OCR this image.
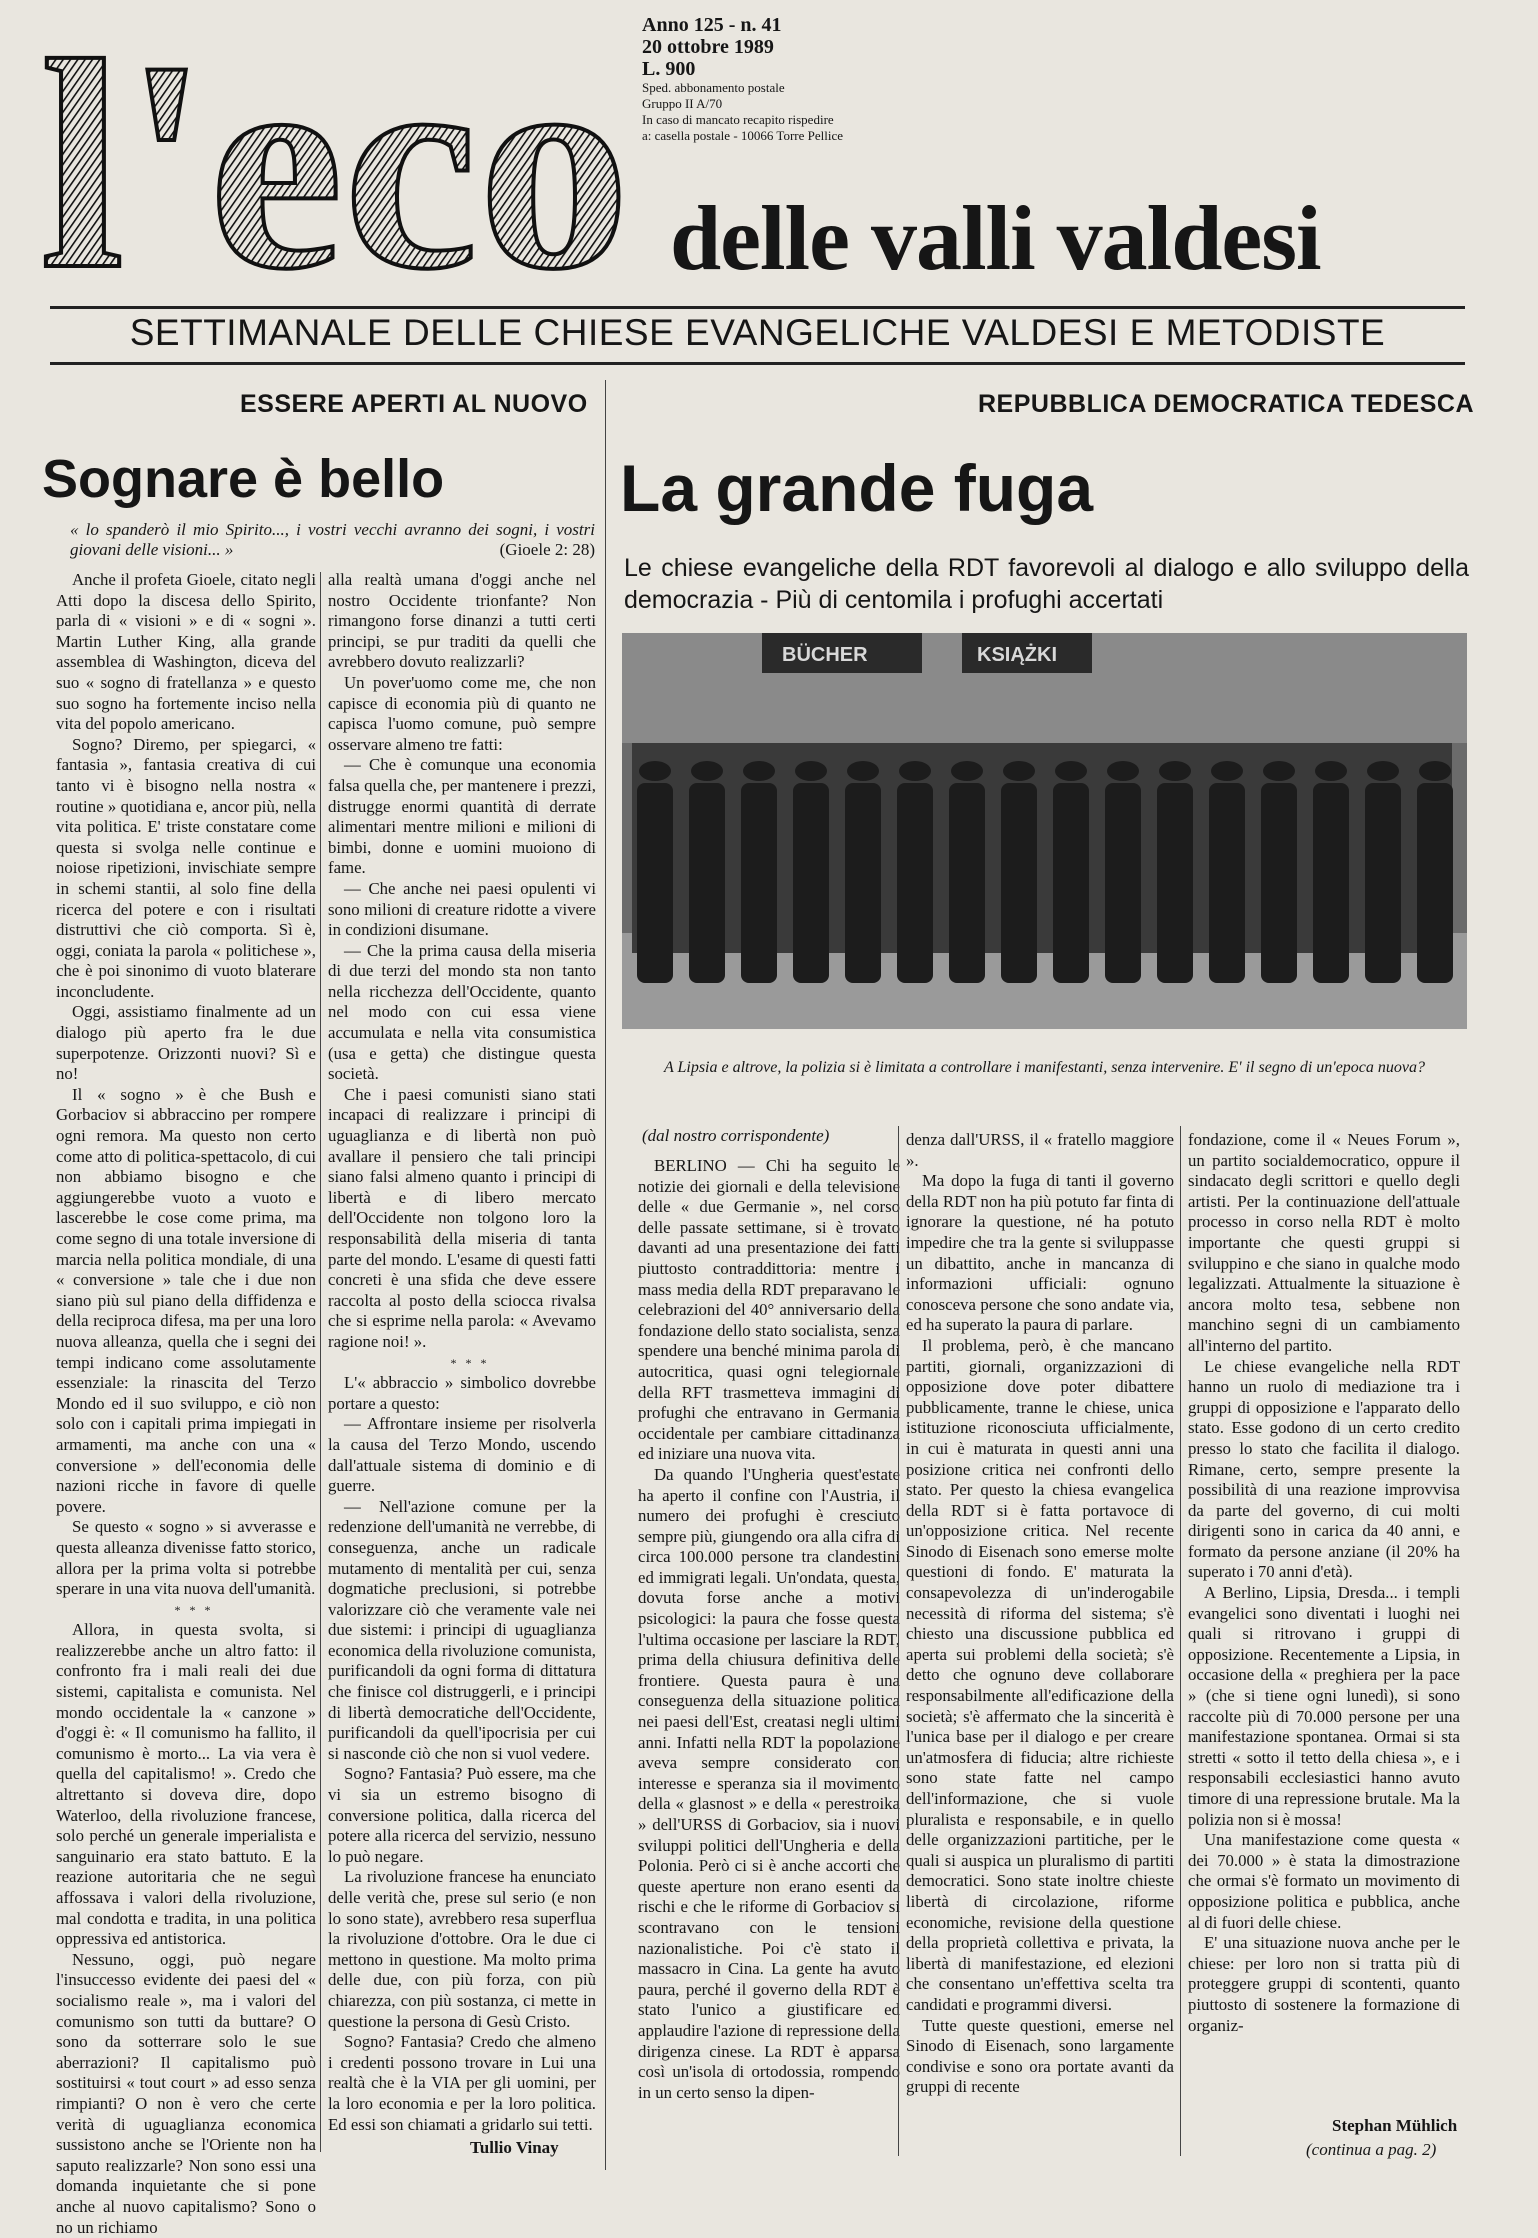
l'eco Anno 125 - n. 41
20 ottobre 1989
L. 900
Sped. abbonamento postale
Gruppo II A/70
In caso di mancato recapito rispedire
a: casella postale - 10066 Torre Pellice
delle valli valdesi
SETTIMANALE DELLE CHIESE EVANGELICHE VALDESI E METODISTE
ESSERE APERTI AL NUOVO
Sognare è bello
« lo spanderò il mio Spirito..., i vostri vecchi avranno dei sogni, i vostri giovani delle visioni... »	(Gioele 2: 28)

Anche il profeta Gioele, citato negli Atti dopo la discesa dello Spirito, parla di « visioni » e di « sogni ». Martin Luther King, alla grande assemblea di Washington, diceva del suo « sogno di fratellanza » e questo suo sogno ha fortemente inciso nella vita del popolo americano.

Sogno? Diremo, per spiegarci, « fantasia », fantasia creativa di cui tanto vi è bisogno nella nostra « routine » quotidiana e, ancor più, nella vita politica. E' triste constatare come questa si svolga nelle continue e noiose ripetizioni, invischiate sempre in schemi stantii, al solo fine della ricerca del potere e con i risultati distruttivi che ciò comporta. Sì è, oggi, coniata la parola « politichese », che è poi sinonimo di vuoto blaterare inconcludente.

Oggi, assistiamo finalmente ad un dialogo più aperto fra le due superpotenze. Orizzonti nuovi? Sì e no!

Il « sogno » è che Bush e Gorbaciov si abbraccino per rompere ogni remora. Ma questo non certo come atto di politica-spettacolo, di cui non abbiamo bisogno e che aggiungerebbe vuoto a vuoto e lascerebbe le cose come prima, ma come segno di una totale inversione di marcia nella politica mondiale, di una « conversione » tale che i due non siano più sul piano della diffidenza e della reciproca difesa, ma per una loro nuova alleanza, quella che i segni dei tempi indicano come assolutamente essenziale: la rinascita del Terzo Mondo ed il suo sviluppo, e ciò non solo con i capitali prima impiegati in armamenti, ma anche con una « conversione » dell'economia delle nazioni ricche in favore di quelle povere.

Se questo « sogno » si avverasse e questa alleanza divenisse fatto storico, allora per la prima volta si potrebbe sperare in una vita nuova dell'umanità.

* * *

Allora, in questa svolta, si realizzerebbe anche un altro fatto: il confronto fra i mali reali dei due sistemi, capitalista e comunista. Nel mondo occidentale la « canzone » d'oggi è: « Il comunismo ha fallito, il comunismo è morto... La via vera è quella del capitalismo! ». Credo che altrettanto si doveva dire, dopo Waterloo, della rivoluzione francese, solo perché un generale imperialista e sanguinario era stato battuto. E la reazione autoritaria che ne seguì affossava i valori della rivoluzione, mal condotta e tradita, in una politica oppressiva ed antistorica.

Nessuno, oggi, può negare l'insuccesso evidente dei paesi del « socialismo reale », ma i valori del comunismo son tutti da buttare? O sono da sotterrare solo le sue aberrazioni? Il capitalismo può sostituirsi « tout court » ad esso senza rimpianti? O non è vero che certe verità di uguaglianza economica sussistono anche se l'Oriente non ha saputo realizzarle? Non sono essi una domanda inquietante che si pone anche al nuovo capitalismo? Sono o no un richiamo

alla realtà umana d'oggi anche nel nostro Occidente trionfante? Non rimangono forse dinanzi a tutti certi principi, se pur traditi da quelli che avrebbero dovuto realizzarli?

Un pover'uomo come me, che non capisce di economia più di quanto ne capisca l'uomo comune, può sempre osservare almeno tre fatti:

— Che è comunque una economia falsa quella che, per mantenere i prezzi, distrugge enormi quantità di derrate alimentari mentre milioni e milioni di bimbi, donne e uomini muoiono di fame.

— Che anche nei paesi opulenti vi sono milioni di creature ridotte a vivere in condizioni disumane.

— Che la prima causa della miseria di due terzi del mondo sta non tanto nella ricchezza dell'Occidente, quanto nel modo con cui essa viene accumulata e nella vita consumistica (usa e getta) che distingue questa società.

Che i paesi comunisti siano stati incapaci di realizzare i principi di uguaglianza e di libertà non può avallare il pensiero che tali principi siano falsi almeno quanto i principi di libertà e di libero mercato dell'Occidente non tolgono loro la responsabilità della miseria di tanta parte del mondo. L'esame di questi fatti concreti è una sfida che deve essere raccolta al posto della sciocca rivalsa che si esprime nella parola: « Avevamo ragione noi! ».

* * *

L'« abbraccio » simbolico dovrebbe portare a questo:

— Affrontare insieme per risolverla la causa del Terzo Mondo, uscendo dall'attuale sistema di dominio e di guerre.

— Nell'azione comune per la redenzione dell'umanità ne verrebbe, di conseguenza, anche un radicale mutamento di mentalità per cui, senza dogmatiche preclusioni, si potrebbe valorizzare ciò che veramente vale nei due sistemi: i principi di uguaglianza economica della rivoluzione comunista, purificandoli da ogni forma di dittatura che finisce col distruggerli, e i principi di libertà democratiche dell'Occidente, purificandoli da quell'ipocrisia per cui si nasconde ciò che non si vuol vedere.

Sogno? Fantasia? Può essere, ma che vi sia un estremo bisogno di conversione politica, dalla ricerca del potere alla ricerca del servizio, nessuno lo può negare.

La rivoluzione francese ha enunciato delle verità che, prese sul serio (e non lo sono state), avrebbero resa superflua la rivoluzione d'ottobre. Ora le due ci mettono in questione. Ma molto prima delle due, con più forza, con più chiarezza, con più sostanza, ci mette in questione la persona di Gesù Cristo.

Sogno? Fantasia? Credo che almeno i credenti possono trovare in Lui una realtà che è la VIA per gli uomini, per la loro economia e per la loro politica. Ed essi son chiamati a gridarlo sui tetti.

Tullio Vinay
REPUBBLICA DEMOCRATICA TEDESCA
La grande fuga
Le chiese evangeliche della RDT favorevoli al dialogo e allo sviluppo della democrazia - Più di centomila i profughi accertati
BÜCHER	KSIĄŻKI
A Lipsia e altrove, la polizia si è limitata a controllare i manifestanti, senza intervenire. E' il segno di un'epoca nuova?
(dal nostro corrispondente)

BERLINO — Chi ha seguito le notizie dei giornali e della televisione delle « due Germanie », nel corso delle passate settimane, si è trovato davanti ad una presentazione dei fatti piuttosto contraddittoria: mentre i mass media della RDT preparavano le celebrazioni del 40° anniversario della fondazione dello stato socialista, senza spendere una benché minima parola di autocritica, quasi ogni telegiornale della RFT trasmetteva immagini di profughi che entravano in Germania occidentale per cambiare cittadinanza ed iniziare una nuova vita.

Da quando l'Ungheria quest'estate ha aperto il confine con l'Austria, il numero dei profughi è cresciuto sempre più, giungendo ora alla cifra di circa 100.000 persone tra clandestini ed immigrati legali. Un'ondata, questa, dovuta forse anche a motivi psicologici: la paura che fosse questa l'ultima occasione per lasciare la RDT, prima della chiusura definitiva delle frontiere. Questa paura è una conseguenza della situazione politica nei paesi dell'Est, creatasi negli ultimi anni. Infatti nella RDT la popolazione aveva sempre considerato con interesse e speranza sia il movimento della « glasnost » e della « perestroika » dell'URSS di Gorbaciov, sia i nuovi sviluppi politici dell'Ungheria e della Polonia. Però ci si è anche accorti che queste aperture non erano esenti da rischi e che le riforme di Gorbaciov si scontravano con le tensioni nazionalistiche. Poi c'è stato il massacro in Cina. La gente ha avuto paura, perché il governo della RDT è stato l'unico a giustificare ed applaudire l'azione di repressione della dirigenza cinese. La RDT è apparsa così un'isola di ortodossia, rompendo in un certo senso la dipen-

denza dall'URSS, il « fratello maggiore ».

Ma dopo la fuga di tanti il governo della RDT non ha più potuto far finta di ignorare la questione, né ha potuto impedire che tra la gente si sviluppasse un dibattito, anche in mancanza di informazioni ufficiali: ognuno conosceva persone che sono andate via, ed ha superato la paura di parlare.

Il problema, però, è che mancano partiti, giornali, organizzazioni di opposizione dove poter dibattere pubblicamente, tranne le chiese, unica istituzione riconosciuta ufficialmente, in cui è maturata in questi anni una posizione critica nei confronti dello stato. Per questo la chiesa evangelica della RDT si è fatta portavoce di un'opposizione critica. Nel recente Sinodo di Eisenach sono emerse molte questioni di fondo. E' maturata la consapevolezza di un'inderogabile necessità di riforma del sistema; s'è chiesto una discussione pubblica ed aperta sui problemi della società; s'è detto che ognuno deve collaborare responsabilmente all'edificazione della società; s'è affermato che la sincerità è l'unica base per il dialogo e per creare un'atmosfera di fiducia; altre richieste sono state fatte nel campo dell'informazione, che si vuole pluralista e responsabile, e in quello delle organizzazioni partitiche, per le quali si auspica un pluralismo di partiti democratici. Sono state inoltre chieste libertà di circolazione, riforme economiche, revisione della questione della proprietà collettiva e privata, la libertà di manifestazione, ed elezioni che consentano un'effettiva scelta tra candidati e programmi diversi.

Tutte queste questioni, emerse nel Sinodo di Eisenach, sono largamente condivise e sono ora portate avanti da gruppi di recente

fondazione, come il « Neues Forum », un partito socialdemocratico, oppure il sindacato degli scrittori e quello degli artisti. Per la continuazione dell'attuale processo in corso nella RDT è molto importante che questi gruppi si sviluppino e che siano in qualche modo legalizzati. Attualmente la situazione è ancora molto tesa, sebbene non manchino segni di un cambiamento all'interno del partito.

Le chiese evangeliche nella RDT hanno un ruolo di mediazione tra i gruppi di opposizione e l'apparato dello stato. Esse godono di un certo credito presso lo stato che facilita il dialogo. Rimane, certo, sempre presente la possibilità di una reazione improvvisa da parte del governo, di cui molti dirigenti sono in carica da 40 anni, e formato da persone anziane (il 20% ha superato i 70 anni d'età).

A Berlino, Lipsia, Dresda... i templi evangelici sono diventati i luoghi nei quali si ritrovano i gruppi di opposizione. Recentemente a Lipsia, in occasione della « preghiera per la pace » (che si tiene ogni lunedì), si sono raccolte più di 70.000 persone per una manifestazione spontanea. Ormai si sta stretti « sotto il tetto della chiesa », e i responsabili ecclesiastici hanno avuto timore di una repressione brutale. Ma la polizia non si è mossa!

Una manifestazione come questa « dei 70.000 » è stata la dimostrazione che ormai s'è formato un movimento di opposizione politica e pubblica, anche al di fuori delle chiese.

E' una situazione nuova anche per le chiese: per loro non si tratta più di proteggere gruppi di scontenti, quanto piuttosto di sostenere la formazione di organiz-

Stephan Mühlich
(continua a pag. 2)
